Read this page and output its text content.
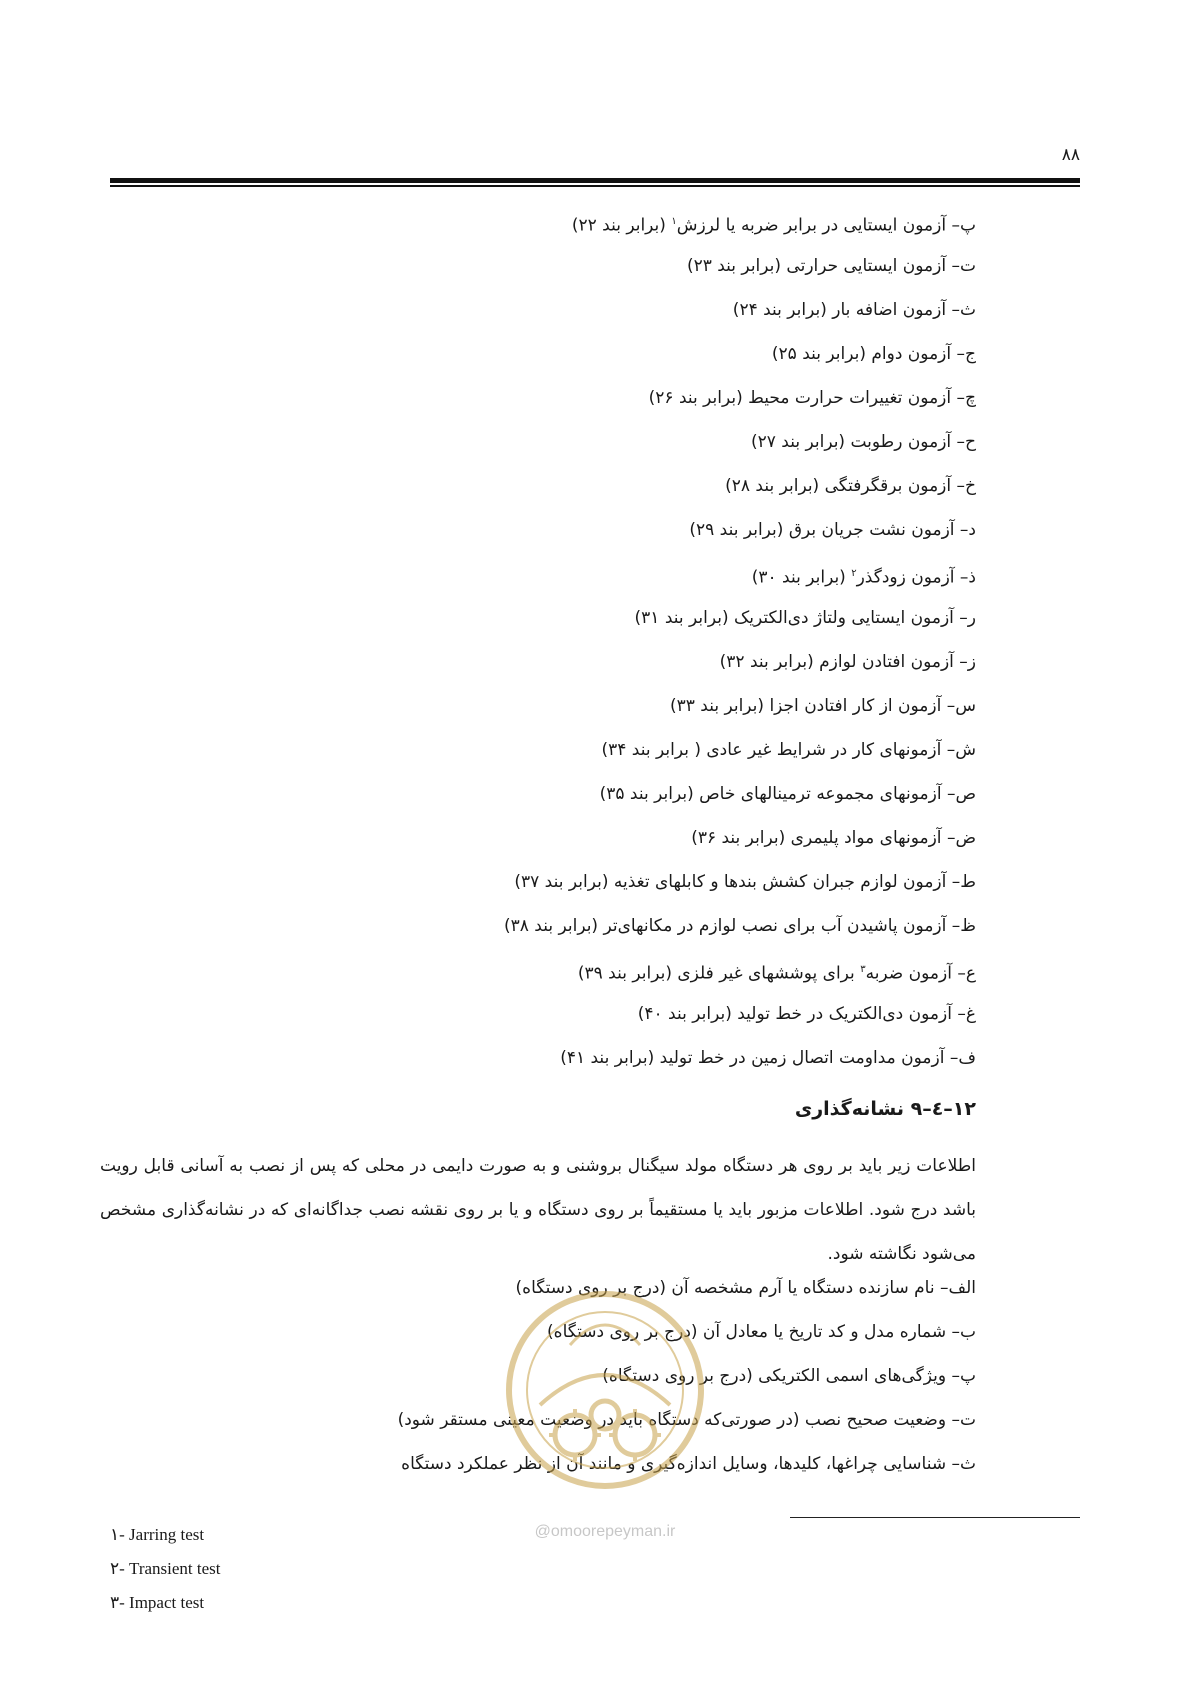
۸۸
پ– آزمون ایستایی در برابر ضربه یا لرزش$^۱$ (برابر بند ۲۲)
ت– آزمون ایستایی حرارتی (برابر بند ۲۳)
ث– آزمون اضافه بار (برابر بند ۲۴)
ج– آزمون دوام (برابر بند ۲۵)
چ– آزمون تغییرات حرارت محیط (برابر بند ۲۶)
ح– آزمون رطوبت (برابر بند ۲۷)
خ– آزمون برقگرفتگی (برابر بند ۲۸)
د– آزمون نشت جریان برق (برابر بند ۲۹)
ذ– آزمون زودگذر$^۲$ (برابر بند ۳۰)
ر– آزمون ایستایی ولتاژ دی‌الکتریک (برابر بند ۳۱)
ز– آزمون افتادن لوازم (برابر بند ۳۲)
س– آزمون از کار افتادن اجزا (برابر بند ۳۳)
ش– آزمونهای کار در شرایط غیر عادی ( برابر بند ۳۴)
ص– آزمونهای مجموعه ترمینالهای خاص (برابر بند ۳۵)
ض– آزمونهای مواد پلیمری (برابر بند ۳۶)
ط– آزمون لوازم جبران کشش بندها و کابلهای تغذیه (برابر بند ۳۷)
ظ– آزمون پاشیدن آب برای نصب لوازم در مکانهای‌تر (برابر بند ۳۸)
ع– آزمون ضربه$^۳$ برای پوششهای غیر فلزی (برابر بند ۳۹)
غ– آزمون دی‌الکتریک در خط تولید (برابر بند ۴۰)
ف– آزمون مداومت اتصال زمین در خط تولید (برابر بند ۴۱)
۱۲–٤–۹ نشانه‌گذاری

اطلاعات زیر باید بر روی هر دستگاه مولد سیگنال بروشنی و به صورت دایمی در محلی که پس از نصب به آسانی قابل رویت باشد درج شود. اطلاعات مزبور باید یا مستقیماً بر روی دستگاه و یا بر روی نقشه نصب جداگانه‌ای که در نشانه‌گذاری مشخص می‌شود نگاشته شود.

الف– نام سازنده دستگاه یا آرم مشخصه آن (درج بر روی دستگاه)
ب– شماره مدل و کد تاریخ یا معادل آن (درج بر روی دستگاه)
پ– ویژگی‌های اسمی الکتریکی (درج بر روی دستگاه)
ت– وضعیت صحیح نصب (در صورتی‌که دستگاه باید در وضعیت معینی مستقر شود)
ث– شناسایی چراغها، کلیدها، وسایل اندازه‌گیری و مانند آن از نظر عملکرد دستگاه
@omoorepeyman.ir
۱- Jarring test
۲- Transient test
۳- Impact test
